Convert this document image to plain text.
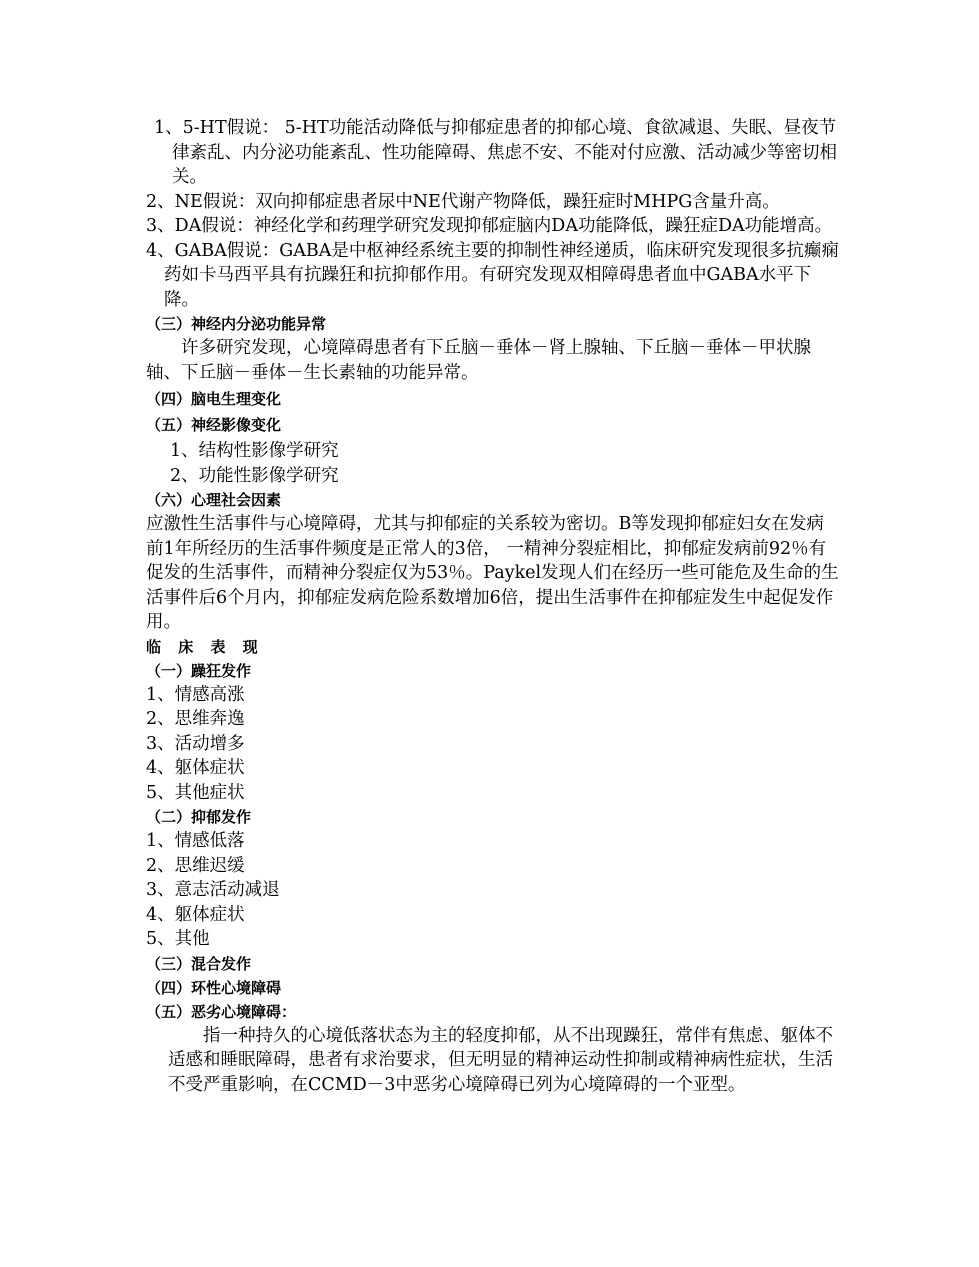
1、5-HT假说： 5-HT功能活动降低与抑郁症患者的抑郁心境、食欲减退、失眠、昼夜节律紊乱、内分泌功能紊乱、性功能障碍、焦虑不安、不能对付应激、活动减少等密切相关。

2、NE假说：双向抑郁症患者尿中NE代谢产物降低，躁狂症时MHPG含量升高。

3、DA假说：神经化学和药理学研究发现抑郁症脑内DA功能降低，躁狂症DA功能增高。

4、GABA假说：GABA是中枢神经系统主要的抑制性神经递质，临床研究发现很多抗癫痫药如卡马西平具有抗躁狂和抗抑郁作用。有研究发现双相障碍患者血中GABA水平下降。

（三）神经内分泌功能异常

许多研究发现，心境障碍患者有下丘脑－垂体－肾上腺轴、下丘脑－垂体－甲状腺轴、下丘脑－垂体－生长素轴的功能异常。

（四）脑电生理变化

（五）神经影像变化

1、结构性影像学研究

2、功能性影像学研究

（六）心理社会因素

应激性生活事件与心境障碍，尤其与抑郁症的关系较为密切。B等发现抑郁症妇女在发病前1年所经历的生活事件频度是正常人的3倍， 一精神分裂症相比，抑郁症发病前92％有促发的生活事件，而精神分裂症仅为53％。Paykel发现人们在经历一些可能危及生命的生活事件后6个月内，抑郁症发病危险系数增加6倍，提出生活事件在抑郁症发生中起促发作用。

临 床 表 现

（一）躁狂发作

1、情感高涨

2、思维奔逸

3、活动增多

4、躯体症状

5、其他症状

（二）抑郁发作

1、情感低落

2、思维迟缓

3、意志活动减退

4、躯体症状

5、其他

（三）混合发作

（四）环性心境障碍

（五）恶劣心境障碍：

指一种持久的心境低落状态为主的轻度抑郁，从不出现躁狂，常伴有焦虑、躯体不适感和睡眠障碍，患者有求治要求，但无明显的精神运动性抑制或精神病性症状，生活不受严重影响，在CCMD－3中恶劣心境障碍已列为心境障碍的一个亚型。
